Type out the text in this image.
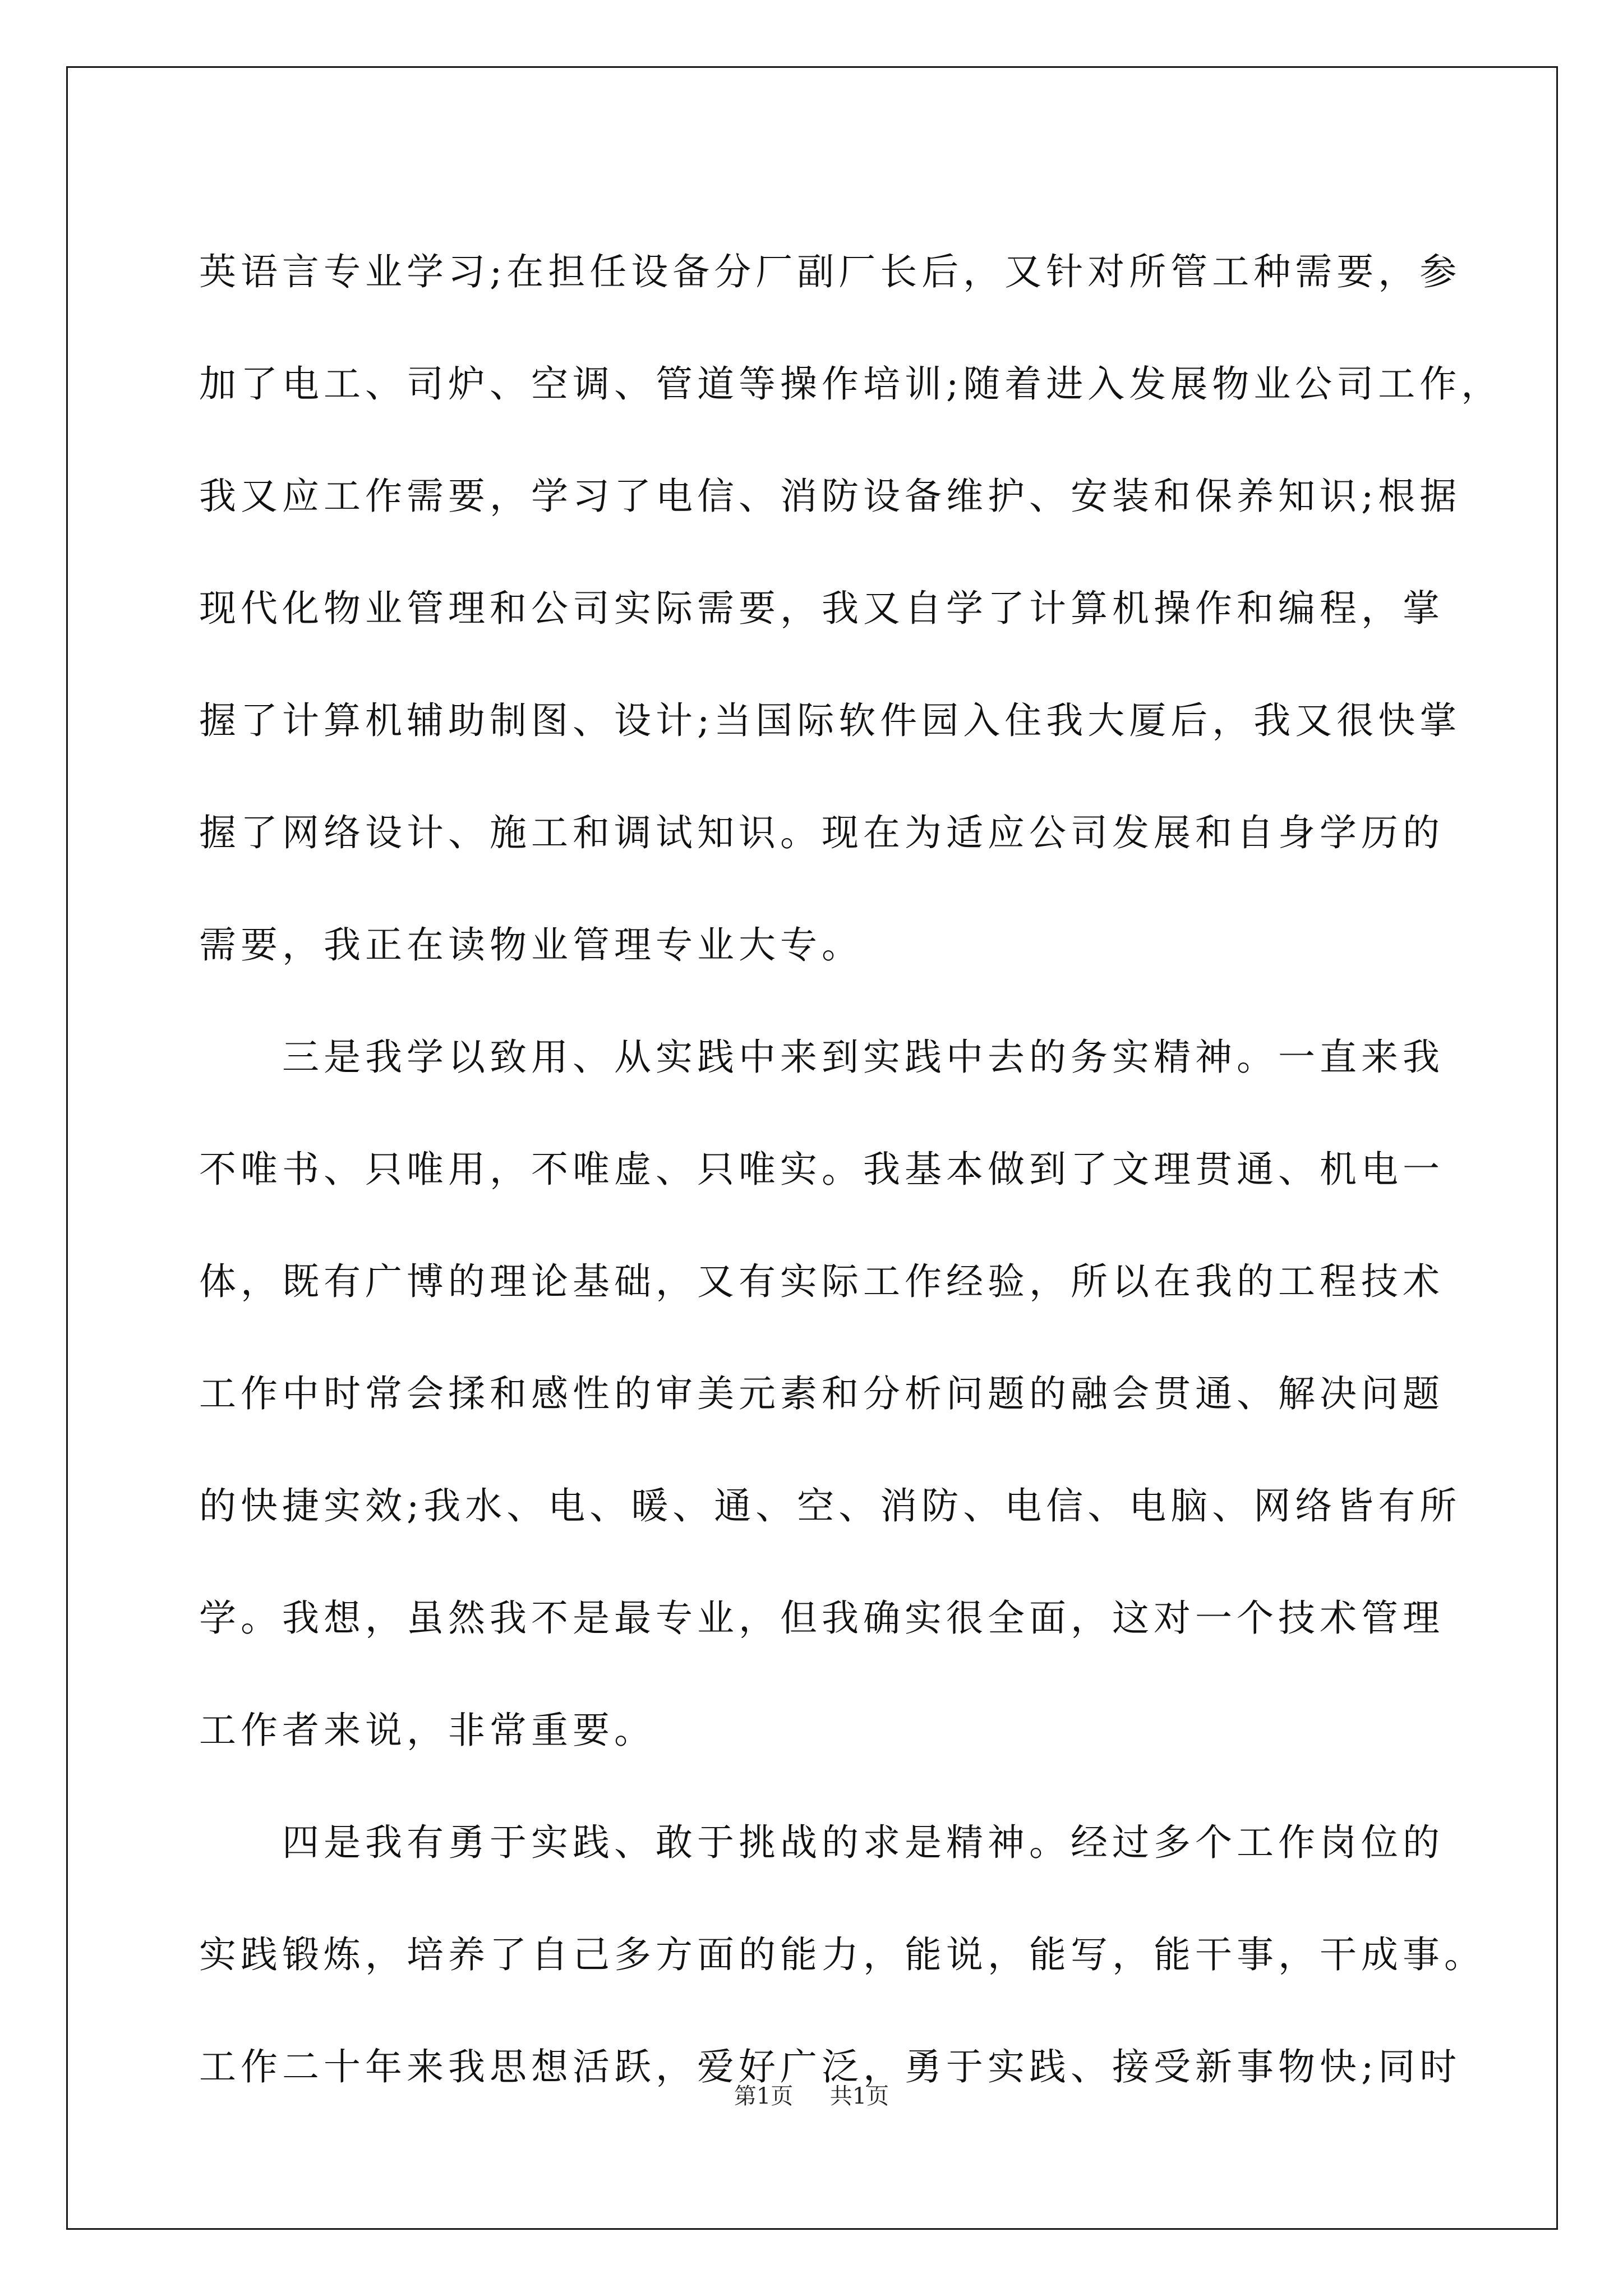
英语言专业学习;在担任设备分厂副厂长后，又针对所管工种需要，参
加了电工、司炉、空调、管道等操作培训;随着进入发展物业公司工作，
我又应工作需要，学习了电信、消防设备维护、安装和保养知识;根据
现代化物业管理和公司实际需要，我又自学了计算机操作和编程，掌
握了计算机辅助制图、设计;当国际软件园入住我大厦后，我又很快掌
握了网络设计、施工和调试知识。现在为适应公司发展和自身学历的
需要，我正在读物业管理专业大专。
　　三是我学以致用、从实践中来到实践中去的务实精神。一直来我
不唯书、只唯用，不唯虚、只唯实。我基本做到了文理贯通、机电一
体，既有广博的理论基础，又有实际工作经验，所以在我的工程技术
工作中时常会揉和感性的审美元素和分析问题的融会贯通、解决问题
的快捷实效;我水、电、暖、通、空、消防、电信、电脑、网络皆有所
学。我想，虽然我不是最专业，但我确实很全面，这对一个技术管理
工作者来说，非常重要。
　　四是我有勇于实践、敢于挑战的求是精神。经过多个工作岗位的
实践锻炼，培养了自己多方面的能力，能说，能写，能干事，干成事。
工作二十年来我思想活跃，爱好广泛，勇于实践、接受新事物快;同时
第1页 共1页
